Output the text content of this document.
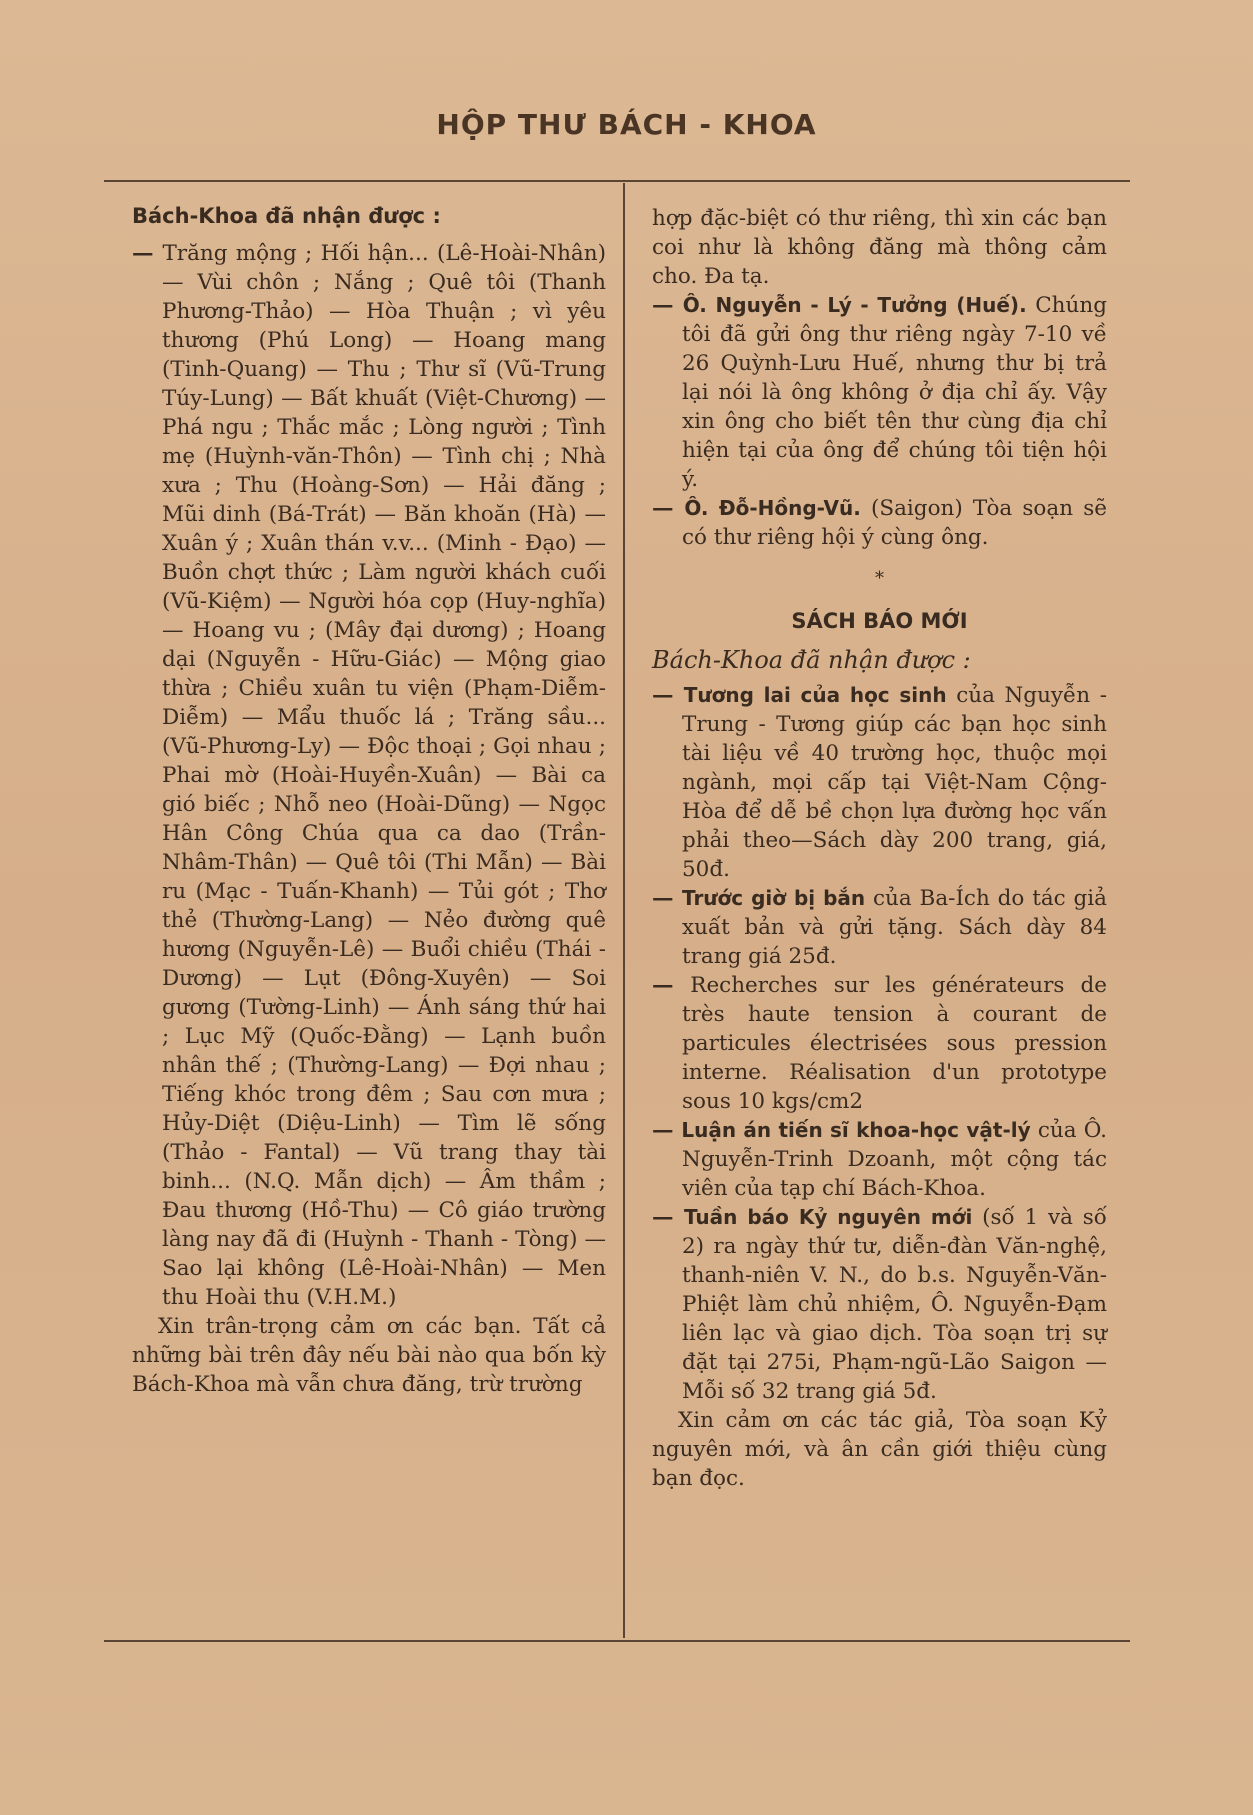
HỘP THƯ BÁCH - KHOA
Bách-Khoa đã nhận được :

— Trăng mộng ; Hối hận... (Lê-Hoài-Nhân) — Vùi chôn ; Nắng ; Quê tôi (Thanh Phương-Thảo) — Hòa Thuận ; vì yêu thương (Phú Long) — Hoang mang (Tinh-Quang) — Thu ; Thư sĩ (Vũ-Trung Túy-Lung) — Bất khuất (Việt-Chương) — Phá ngu ; Thắc mắc ; Lòng người ; Tình mẹ (Huỳnh-văn-Thôn) — Tình chị ; Nhà xưa ; Thu (Hoàng-Sơn) — Hải đăng ; Mũi dinh (Bá-Trát) — Băn khoăn (Hà) — Xuân ý ; Xuân thán v.v... (Minh - Đạo) — Buồn chợt thức ; Làm người khách cuối (Vũ-Kiệm) — Người hóa cọp (Huy-nghĩa) — Hoang vu ; (Mây đại dương) ; Hoang dại (Nguyễn - Hữu-Giác) — Mộng giao thừa ; Chiều xuân tu viện (Phạm-Diễm-Diễm) — Mẩu thuốc lá ; Trăng sầu... (Vũ-Phương-Ly) — Độc thoại ; Gọi nhau ; Phai mờ (Hoài-Huyền-Xuân) — Bài ca gió biếc ; Nhỗ neo (Hoài-Dũng) — Ngọc Hân Công Chúa qua ca dao (Trần-Nhâm-Thân) — Quê tôi (Thi Mẫn) — Bài ru (Mạc - Tuấn-Khanh) — Tủi gót ; Thơ thẻ (Thường-Lang) — Nẻo đường quê hương (Nguyễn-Lê) — Buổi chiều (Thái - Dương) — Lụt (Đông-Xuyên) — Soi gương (Tường-Linh) — Ánh sáng thứ hai ; Lục Mỹ (Quốc-Đằng) — Lạnh buồn nhân thế ; (Thường-Lang) — Đợi nhau ; Tiếng khóc trong đêm ; Sau cơn mưa ; Hủy-Diệt (Diệu-Linh) — Tìm lẽ sống (Thảo - Fantal) — Vũ trang thay tài binh... (N.Q. Mẫn dịch) — Âm thầm ; Đau thương (Hồ-Thu) — Cô giáo trường làng nay đã đi (Huỳnh - Thanh - Tòng) — Sao lại không (Lê-Hoài-Nhân) — Men thu Hoài thu (V.H.M.)

Xin trân-trọng cảm ơn các bạn. Tất cả những bài trên đây nếu bài nào qua bốn kỳ Bách-Khoa mà vẫn chưa đăng, trừ trường

hợp đặc-biệt có thư riêng, thì xin các bạn coi như là không đăng mà thông cảm cho. Đa tạ.

— Ô. Nguyễn - Lý - Tưởng (Huế). Chúng tôi đã gửi ông thư riêng ngày 7-10 về 26 Quỳnh-Lưu Huế, nhưng thư bị trả lại nói là ông không ở địa chỉ ấy. Vậy xin ông cho biết tên thư cùng địa chỉ hiện tại của ông để chúng tôi tiện hội ý.

— Ô. Đỗ-Hồng-Vũ. (Saigon) Tòa soạn sẽ có thư riêng hội ý cùng ông.

*
SÁCH BÁO MỚI
Bách-Khoa đã nhận được :

— Tương lai của học sinh của Nguyễn - Trung - Tương giúp các bạn học sinh tài liệu về 40 trường học, thuộc mọi ngành, mọi cấp tại Việt-Nam Cộng-Hòa để dễ bề chọn lựa đường học vấn phải theo—Sách dày 200 trang, giá, 50đ.

— Trước giờ bị bắn của Ba-Ích do tác giả xuất bản và gửi tặng. Sách dày 84 trang giá 25đ.

— Recherches sur les générateurs de très haute tension à courant de particules électrisées sous pression interne. Réalisation d'un prototype sous 10 kgs/cm2

— Luận án tiến sĩ khoa-học vật-lý của Ô. Nguyễn-Trinh Dzoanh, một cộng tác viên của tạp chí Bách-Khoa.

— Tuần báo Kỷ nguyên mới (số 1 và số 2) ra ngày thứ tư, diễn-đàn Văn-nghệ, thanh-niên V. N., do b.s. Nguyễn-Văn-Phiệt làm chủ nhiệm, Ô. Nguyễn-Đạm liên lạc và giao dịch. Tòa soạn trị sự đặt tại 275i, Phạm-ngũ-Lão Saigon — Mỗi số 32 trang giá 5đ.

Xin cảm ơn các tác giả, Tòa soạn Kỷ nguyên mới, và ân cần giới thiệu cùng bạn đọc.
